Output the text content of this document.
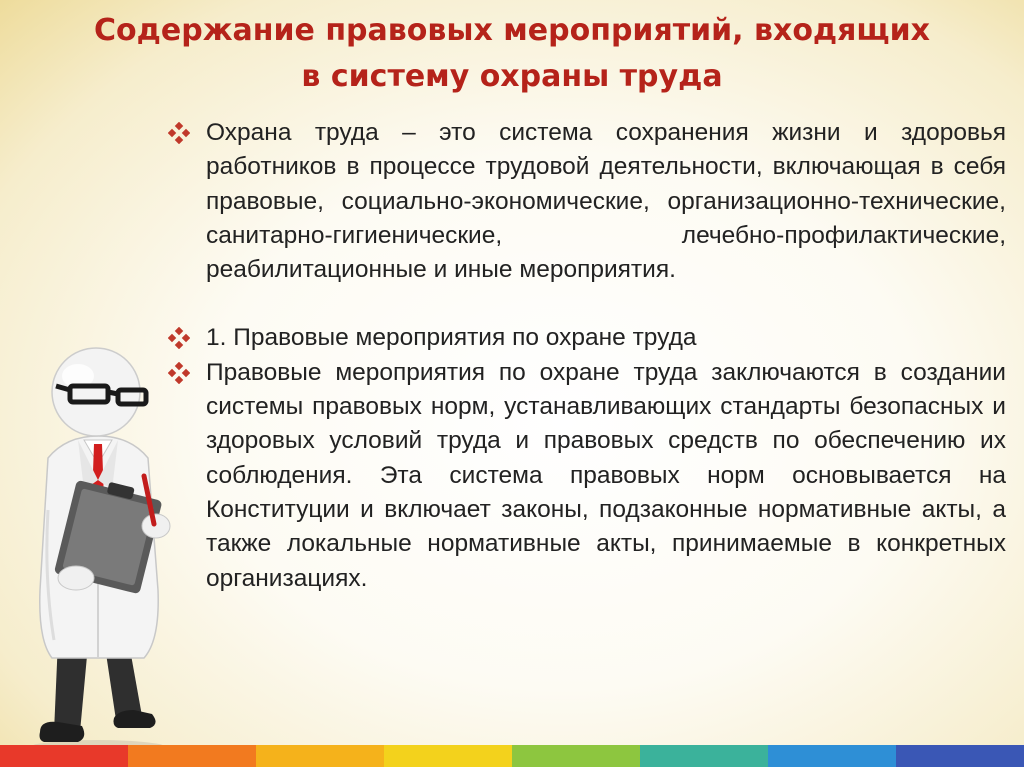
Содержание правовых мероприятий, входящих
в систему охраны труда
Охрана труда – это система сохранения жизни и здоровья работников в процессе трудовой деятельности, включающая в себя правовые, социально-экономические, организационно-технические, санитарно-гигиенические, лечебно-профилактические, реабилитационные и иные мероприятия.
1. Правовые мероприятия по охране труда
Правовые мероприятия по охране труда заключаются в создании системы правовых норм, устанавливающих стандарты безопасных и здоровых условий труда и правовых средств по обеспечению их соблюдения. Эта система правовых норм основывается на Конституции и включает законы, подзаконные нормативные акты, а также локальные нормативные акты, принимаемые в конкретных организациях.
